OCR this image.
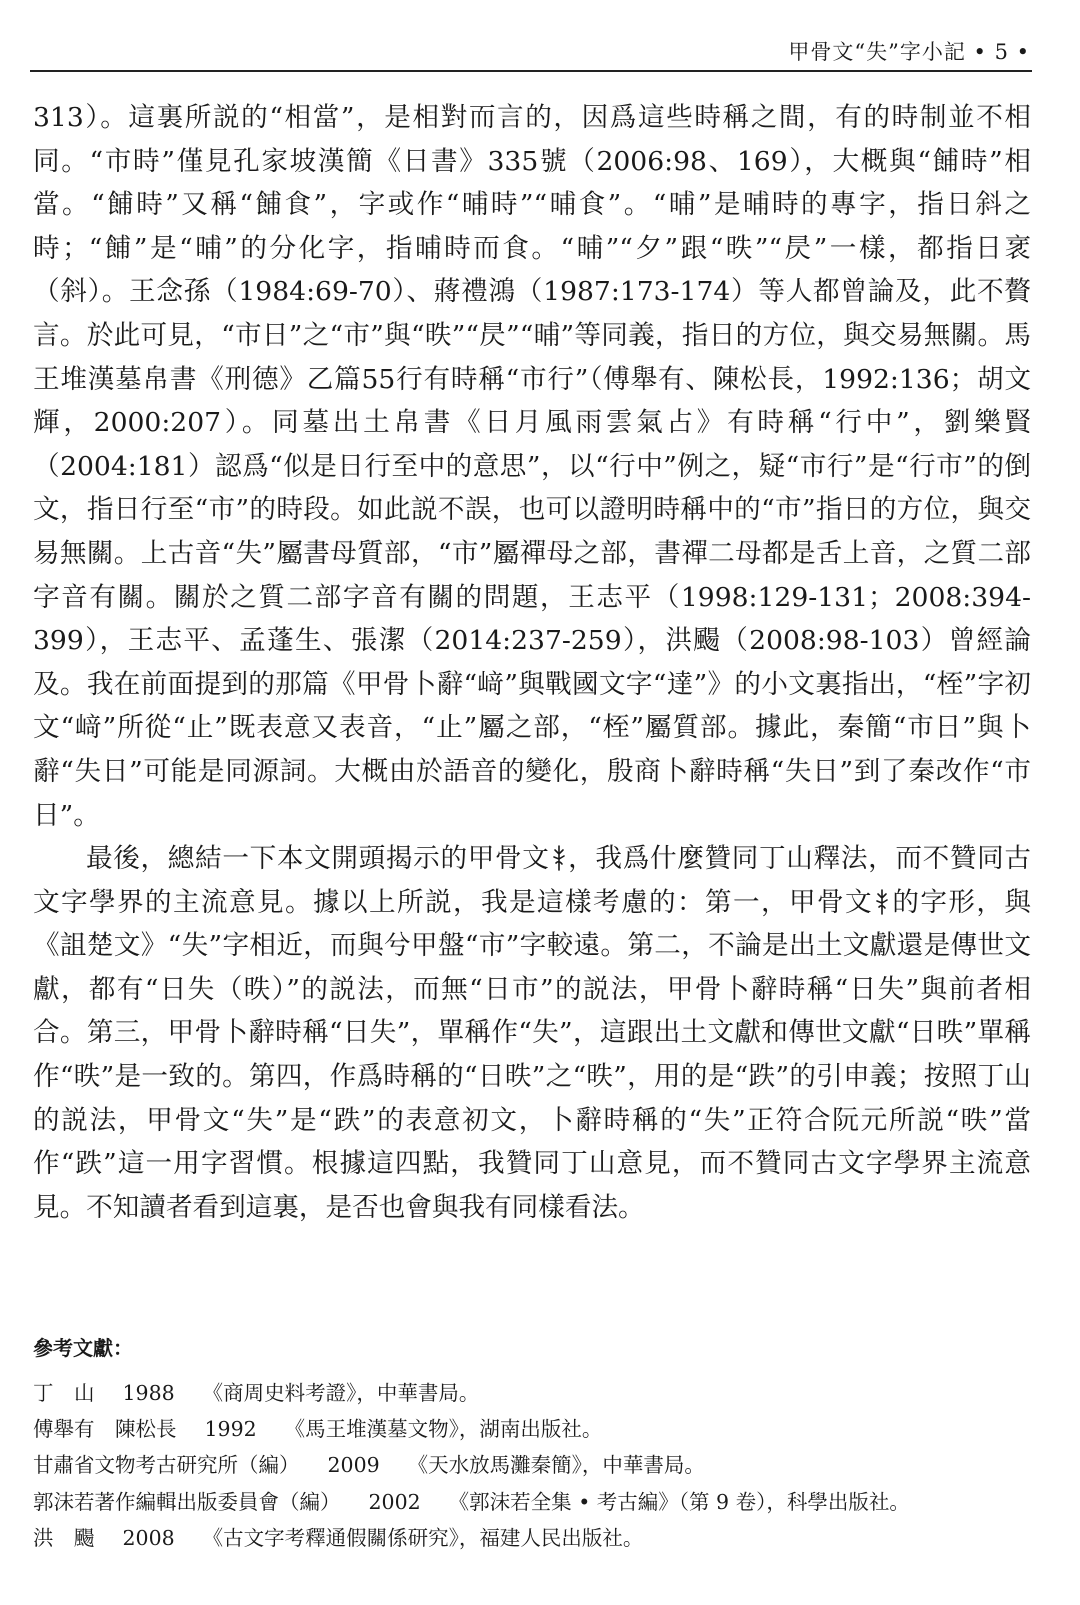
甲骨文“失”字小記 • 5 •

313）。這裏所説的“相當”，是相對而言的，因爲這些時稱之間，有的時制並不相同。“市時”僅見孔家坡漢簡《日書》335號（2006:98、169），大概與“餔時”相當。“餔時”又稱“餔食”，字或作“晡時”“晡食”。“晡”是晡時的專字，指日斜之時；“餔”是“晡”的分化字，指晡時而食。“晡”“夕”跟“昳”“昃”一樣，都指日衺（斜）。王念孫（1984:69-70）、蔣禮鴻（1987:173-174）等人都曾論及，此不贅言。於此可見，“市日”之“市”與“昳”“昃”“晡”等同義，指日的方位，與交易無關。馬王堆漢墓帛書《刑德》乙篇55行有時稱“市行”（傅舉有、陳松長，1992:136；胡文輝，2000:207）。同墓出土帛書《日月風雨雲氣占》有時稱“行中”，劉樂賢（2004:181）認爲“似是日行至中的意思”，以“行中”例之，疑“市行”是“行市”的倒文，指日行至“市”的時段。如此説不誤，也可以證明時稱中的“市”指日的方位，與交易無關。上古音“失”屬書母質部，“市”屬禪母之部，書禪二母都是舌上音，之質二部字音有關。關於之質二部字音有關的問題，王志平（1998:129-131；2008:394-399），王志平、孟蓬生、張潔（2014:237-259），洪颺（2008:98-103）曾經論及。我在前面提到的那篇《甲骨卜辭“﨑”與戰國文字“達”》的小文裏指出，“桎”字初文“﨑”所從“止”既表意又表音，“止”屬之部，“桎”屬質部。據此，秦簡“市日”與卜辭“失日”可能是同源詞。大概由於語音的變化，殷商卜辭時稱“失日”到了秦改作“市日”。

最後，總結一下本文開頭揭示的甲骨文 ，我爲什麼贊同丁山釋法，而不贊同古文字學界的主流意見。據以上所説，我是這樣考慮的：第一，甲骨文 的字形，與《詛楚文》“失”字相近，而與兮甲盤“市”字較遠。第二，不論是出土文獻還是傳世文獻，都有“日失（昳）”的説法，而無“日市”的説法，甲骨卜辭時稱“日失”與前者相合。第三，甲骨卜辭時稱“日失”，單稱作“失”，這跟出土文獻和傳世文獻“日昳”單稱作“昳”是一致的。第四，作爲時稱的“日昳”之“昳”，用的是“跌”的引申義；按照丁山的説法，甲骨文“失”是“跌”的表意初文，卜辭時稱的“失”正符合阮元所説“昳”當作“跌”這一用字習慣。根據這四點，我贊同丁山意見，而不贊同古文字學界主流意見。不知讀者看到這裏，是否也會與我有同樣看法。

參考文獻：
丁　山 1988 《商周史料考證》，中華書局。
傅舉有　陳松長 1992 《馬王堆漢墓文物》，湖南出版社。
甘肅省文物考古研究所（編） 2009 《天水放馬灘秦簡》，中華書局。
郭沫若著作編輯出版委員會（編） 2002 《郭沫若全集 • 考古編》（第 9 卷），科學出版社。
洪　颺 2008 《古文字考釋通假關係研究》，福建人民出版社。
